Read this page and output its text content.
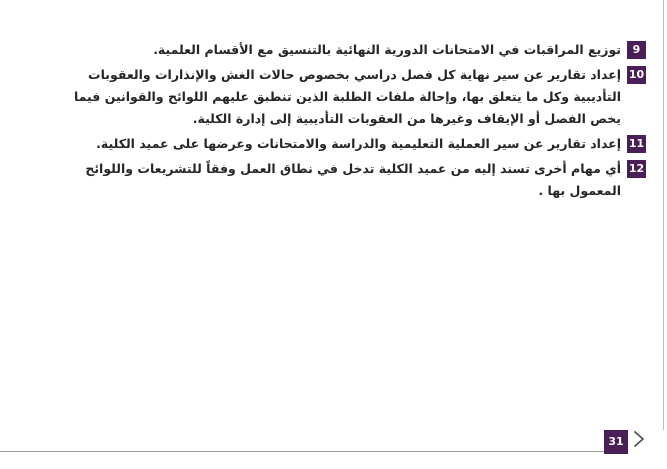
9
توزيع المراقبات في الامتحانات الدورية النهائية بالتنسيق مع الأقسام العلمية.
10
إعداد تقارير عن سير نهاية كل فصل دراسي بخصوص حالات الغش والإنذارات والعقوبات التأديبية وكل ما يتعلق بها، وإحالة ملفات الطلبة الذين تنطبق عليهم اللوائح والقوانين فيما يخص الفصل أو الإيقاف وغيرها من العقوبات التأديبية إلى إدارة الكلية.
11
إعداد تقارير عن سير العملية التعليمية والدراسة والامتحانات وعرضها على عميد الكلية.
12
أي مهام أخرى تسند إليه من عميد الكلية تدخل في نطاق العمل وفقاً للتشريعات واللوائح المعمول بها .
31
